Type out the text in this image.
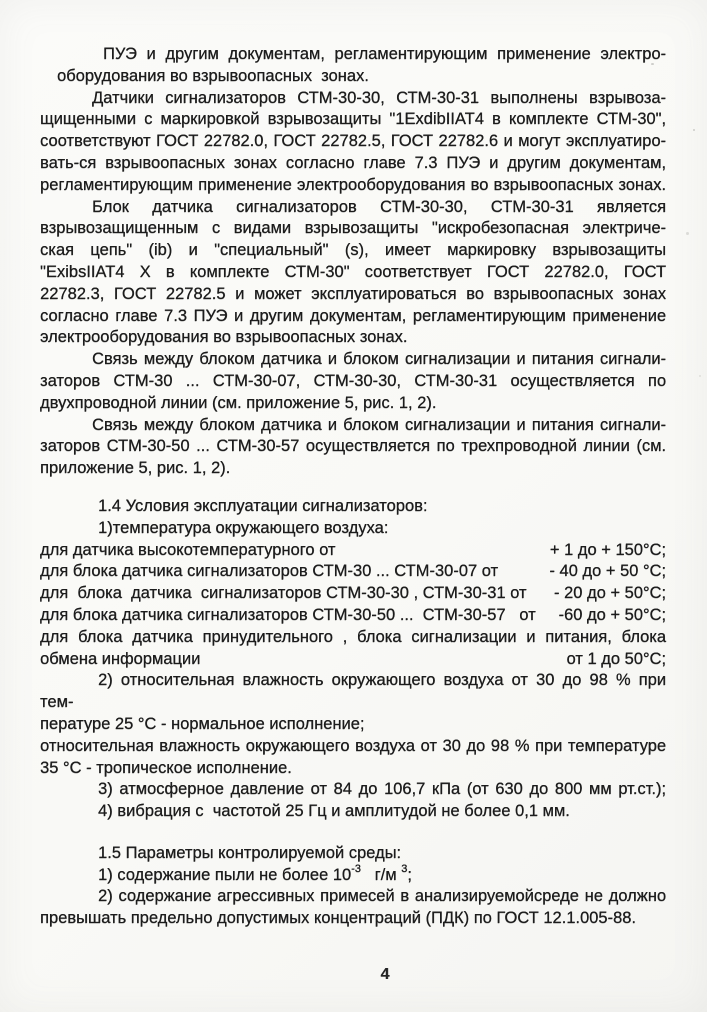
ПУЭ и другим документам, регламентирующим применение электро-
оборудования во взрывоопасных  зонах.
Датчики сигнализаторов СТМ-30-30, СТМ-30-31 выполнены взрывоза-
щищенными с маркировкой взрывозащиты "1ExdibIIAT4 в комплекте СТМ-30",
соответствуют ГОСТ 22782.0, ГОСТ 22782.5, ГОСТ 22782.6 и могут эксплуатиро-
вать-ся взрывоопасных зонах согласно главе 7.3 ПУЭ и другим документам,
регламентирующим применение электрооборудования во взрывоопасных зонах.
Блок датчика сигнализаторов СТМ-30-30, СТМ-30-31 является
взрывозащищенным с видами взрывозащиты "искробезопасная электриче-
ская цепь" (ib) и "специальный" (s), имеет маркировку взрывозащиты
"ExibsIIAT4 Х в комплекте СТМ-30" соответствует ГОСТ 22782.0, ГОСТ
22782.3, ГОСТ 22782.5 и может эксплуатироваться во взрывоопасных зонах
согласно главе 7.3 ПУЭ и другим документам, регламентирующим применение
электрооборудования во взрывоопасных зонах.
Связь между блоком датчика и блоком сигнализации и питания сигнали-
заторов СТМ-30 ... СТМ-30-07, СТМ-30-30, СТМ-30-31 осуществляется по
двухпроводной линии (см. приложение 5, рис. 1, 2).
Связь между блоком датчика и блоком сигнализации и питания сигнали-
заторов СТМ-30-50 ... СТМ-30-57 осуществляется по трехпроводной линии (см.
приложение 5, рис. 1, 2).
1.4 Условия эксплуатации сигнализаторов:
1)температура окружающего воздуха:
для датчика высокотемпературного от	+ 1 до + 150°С;
для блока датчика сигнализаторов СТМ-30 ... СТМ-30-07 от	- 40 до + 50 °С;
для  блока  датчика  сигнализаторов СТМ-30-30 , СТМ-30-31 от - 20 до + 50°С;
для блока датчика сигнализаторов СТМ-30-50 ...  СТМ-30-57   от -60 до + 50°С;
для блока датчика принудительного , блока сигнализации и питания, блока
обмена информации	от 1 до 50°С;
2) относительная влажность окружающего воздуха от 30 до 98 % при тем-
пературе 25 °С - нормальное исполнение;
относительная влажность окружающего воздуха от 30 до 98 % при температуре
35 °С - тропическое исполнение.
3) атмосферное давление от 84 до 106,7 кПа (от 630 до 800 мм рт.ст.);
4) вибрация с  частотой 25 Гц и амплитудой не более 0,1 мм.
1.5 Параметры контролируемой среды:
1) содержание пыли не более $10^{-3}$   г/м $^3$;
2) содержание агрессивных примесей в анализируемойсреде не должно
превышать предельно допустимых концентраций (ПДК) по ГОСТ 12.1.005-88.
4
